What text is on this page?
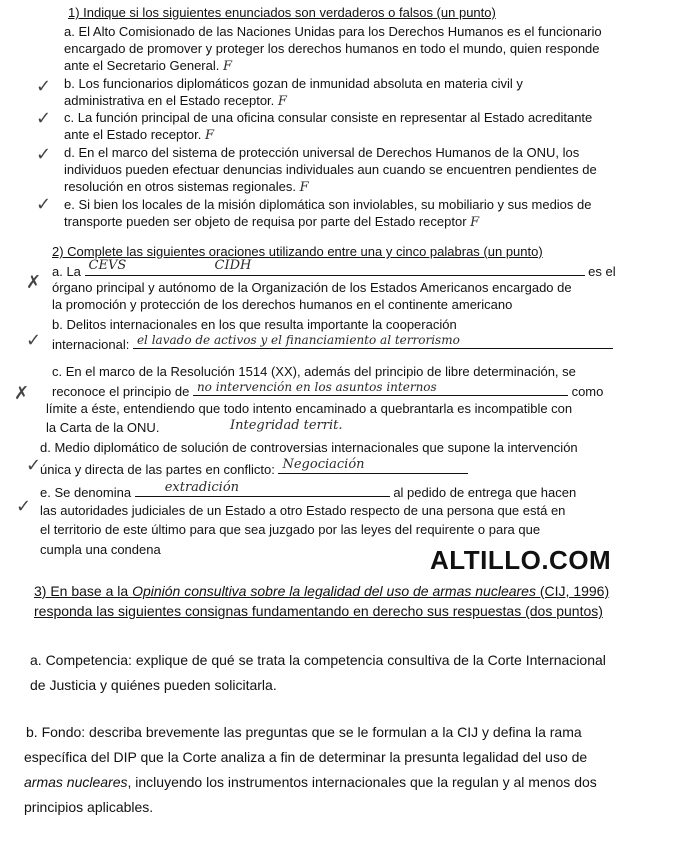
1) Indique si los siguientes enunciados son verdaderos o falsos (un punto)
a. El Alto Comisionado de las Naciones Unidas para los Derechos Humanos es el funcionario
encargado de promover y proteger los derechos humanos en todo el mundo, quien responde
ante el Secretario General. F
✓ b. Los funcionarios diplomáticos gozan de inmunidad absoluta en materia civil y
administrativa en el Estado receptor. F
✓ c. La función principal de una oficina consular consiste en representar al Estado acreditante
ante el Estado receptor. F
✓ d. En el marco del sistema de protección universal de Derechos Humanos de la ONU, los
individuos pueden efectuar denuncias individuales aun cuando se encuentren pendientes de
resolución en otros sistemas regionales. F
✓ e. Si bien los locales de la misión diplomática son inviolables, su mobiliario y sus medios de
transporte pueden ser objeto de requisa por parte del Estado receptor F
2) Complete las siguientes oraciones utilizando entre una y cinco palabras (un punto)
✗
a. La CEVS	CIDH	es el
órgano principal y autónomo de la Organización de los Estados Americanos encargado de
la promoción y protección de los derechos humanos en el continente americano
✓
b. Delitos internacionales en los que resulta importante la cooperación
internacional: el lavado de activos y el financiamiento al terrorismo
✗
c. En el marco de la Resolución 1514 (XX), además del principio de libre determinación, se
reconoce el principio de no intervención en los asuntos internos	como
límite a éste, entendiendo que todo intento encaminado a quebrantarla es incompatible con
la Carta de la ONU.	Integridad territ.
✓
d. Medio diplomático de solución de controversias internacionales que supone la intervención
única y directa de las partes en conflicto: Negociación
✓
e. Se denomina	extradición	al pedido de entrega que hacen
las autoridades judiciales de un Estado a otro Estado respecto de una persona que está en
el territorio de este último para que sea juzgado por las leyes del requirente o para que
cumpla una condena	ALTILLO.COM
3) En base a la Opinión consultiva sobre la legalidad del uso de armas nucleares (CIJ, 1996)
responda las siguientes consignas fundamentando en derecho sus respuestas (dos puntos)
a. Competencia: explique de qué se trata la competencia consultiva de la Corte Internacional
de Justicia y quiénes pueden solicitarla.
b. Fondo: describa brevemente las preguntas que se le formulan a la CIJ y defina la rama
específica del DIP que la Corte analiza a fin de determinar la presunta legalidad del uso de
armas nucleares, incluyendo los instrumentos internacionales que la regulan y al menos dos
principios aplicables.
